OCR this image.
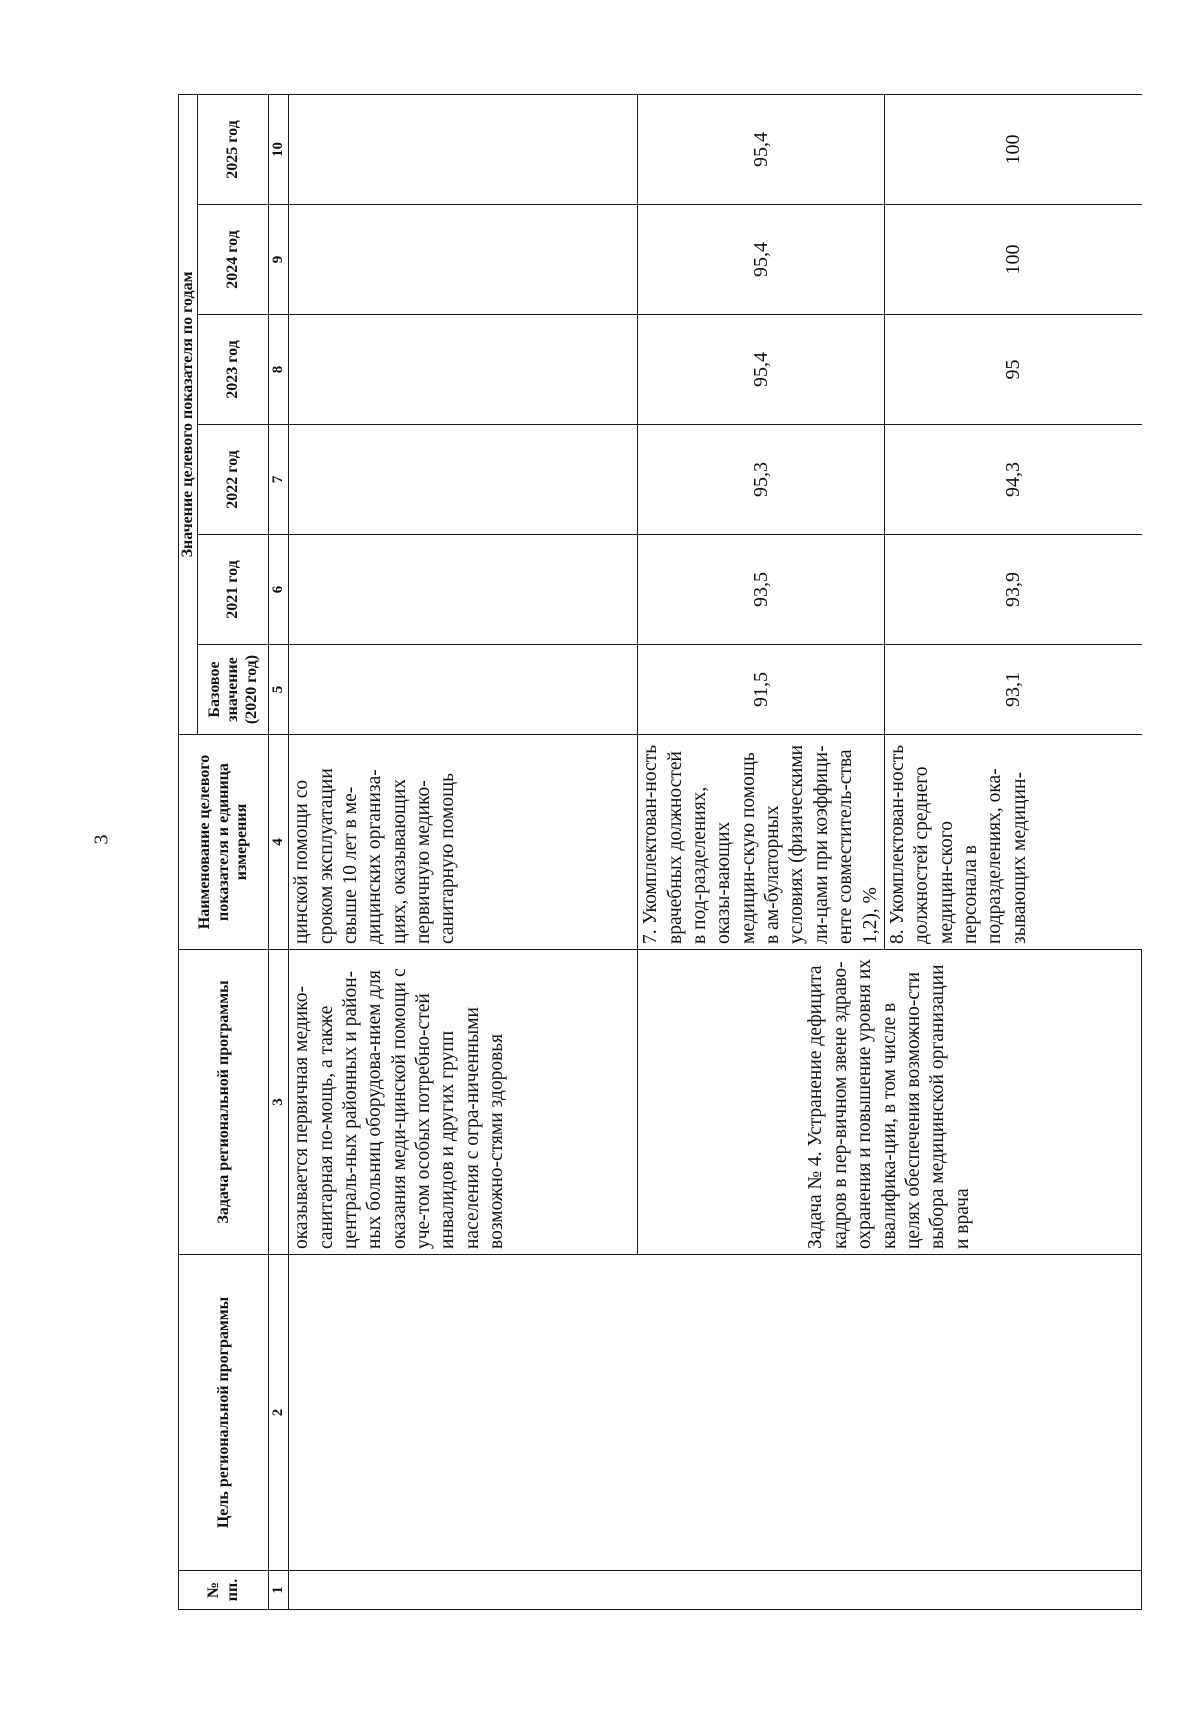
3
№ пп.	Цель региональной программы	Задача региональной программы	Наименование целевого показателя и единица измерения	Значение целевого показателя по годам					
				Базовое значение (2020 год)	2021 год	2022 год	2023 год	2024 год	2025 год
1	2	3	4	5	6	7	8	9	10
		оказывается первичная медико-санитарная по-мощь, а также централь-ных районных и район-ных больниц оборудова-нием для оказания меди-цинской помощи с уче-том особых потребно-стей инвалидов и других групп населения с огра-ниченными возможно-стями здоровья	цинской помощи со сроком эксплуатации свыше 10 лет в ме-дицинских организа-циях, оказывающих первичную медико-санитарную помощь						
		Задача № 4. Устранение дефицита кадров в пер-вичном звене здраво-охранения и повышение уровня их квалифика-ции, в том числе в целях обеспечения возможно-сти выбора медицинской организации и врача	7. Укомплектован-ность врачебных должностей в под-разделениях, оказы-вающих медицин-скую помощь в ам-булаторных условиях (физическими ли-цами при коэффици-енте совместитель-ства 1,2), %	91,5	93,5	95,3	95,4	95,4	95,4
			8. Укомплектован-ность должностей среднего медицин-ского персонала в подразделениях, ока-зывающих медицин-	93,1	93,9	94,3	95	100	100
